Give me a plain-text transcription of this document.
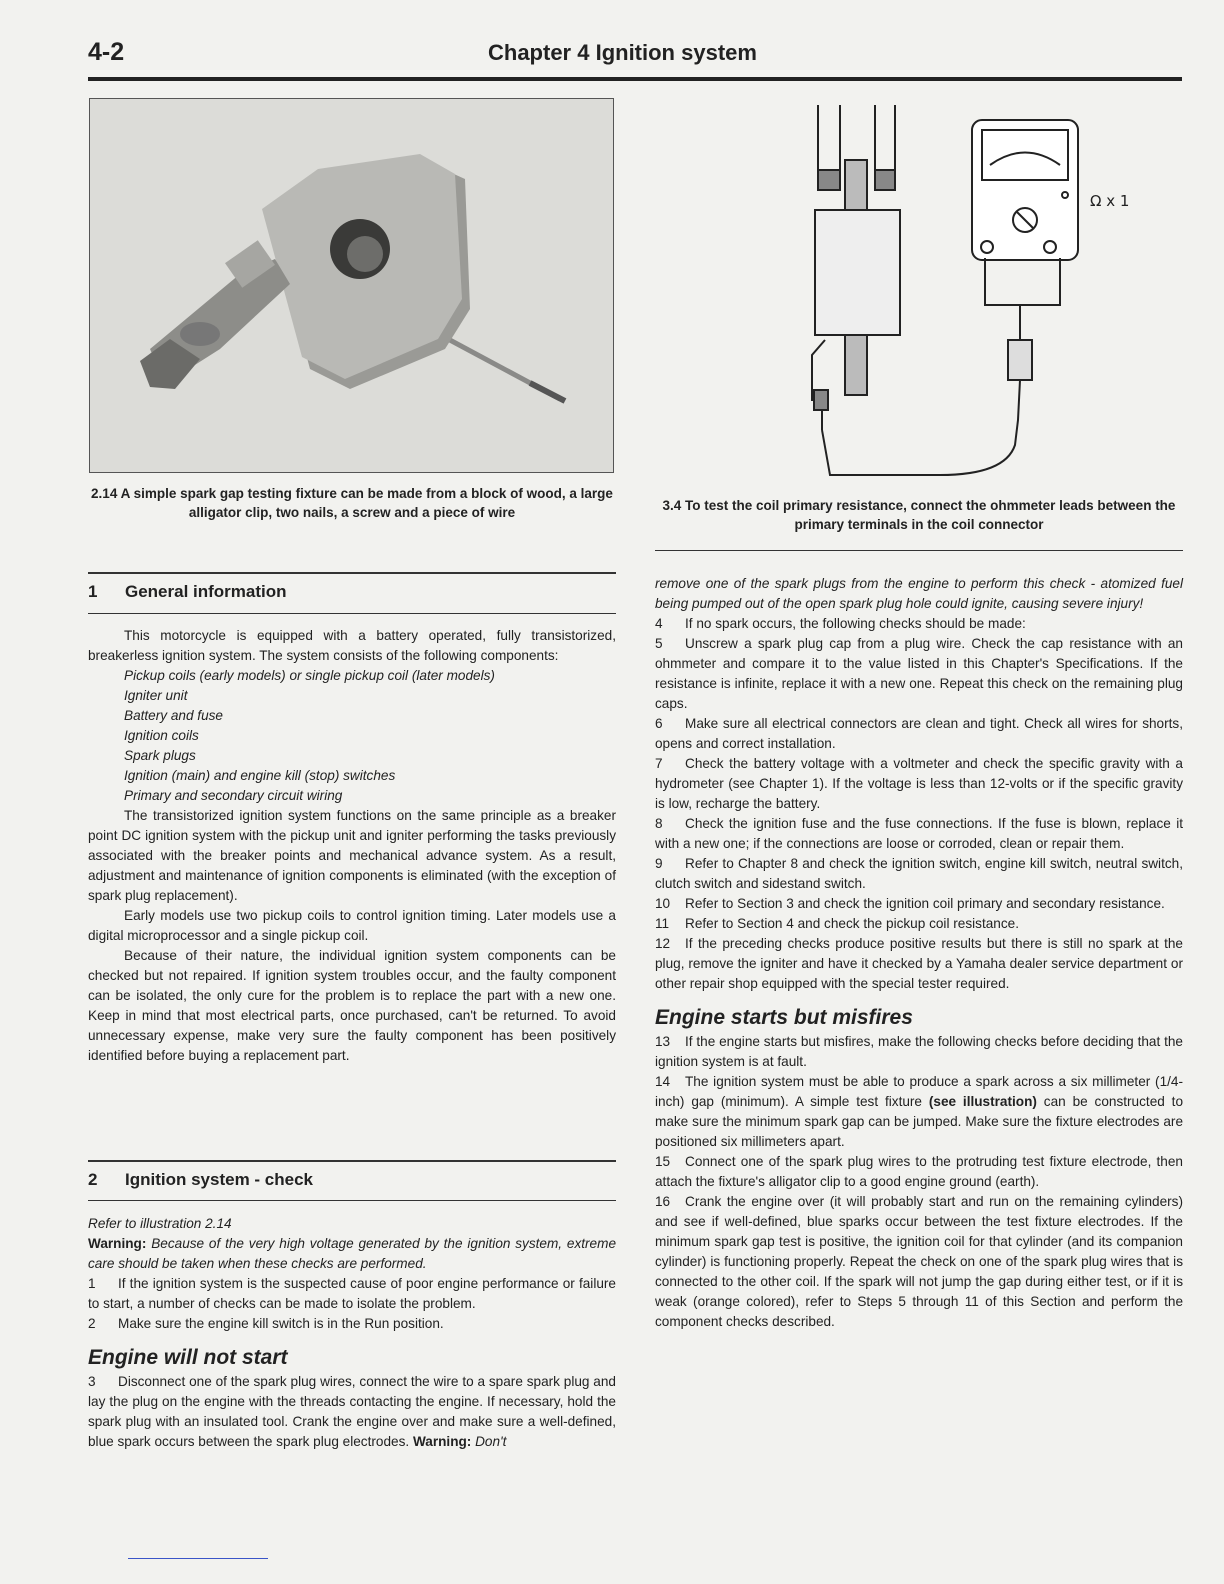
4-2	Chapter 4 Ignition system
2.14 A simple spark gap testing fixture can be made from a block of wood, a large alligator clip, two nails, a screw and a piece of wire
Ω x 1
3.4 To test the coil primary resistance, connect the ohmmeter leads between the primary terminals in the coil connector
1 General information

This motorcycle is equipped with a battery operated, fully transistorized, breakerless ignition system. The system consists of the following components:

Pickup coils (early models) or single pickup coil (later models)

Igniter unit

Battery and fuse

Ignition coils

Spark plugs

Ignition (main) and engine kill (stop) switches

Primary and secondary circuit wiring

The transistorized ignition system functions on the same principle as a breaker point DC ignition system with the pickup unit and igniter performing the tasks previously associated with the breaker points and mechanical advance system. As a result, adjustment and maintenance of ignition components is eliminated (with the exception of spark plug replacement).

Early models use two pickup coils to control ignition timing. Later models use a digital microprocessor and a single pickup coil.

Because of their nature, the individual ignition system components can be checked but not repaired. If ignition system troubles occur, and the faulty component can be isolated, the only cure for the problem is to replace the part with a new one. Keep in mind that most electrical parts, once purchased, can't be returned. To avoid unnecessary expense, make very sure the faulty component has been positively identified before buying a replacement part.

2 Ignition system - check

Refer to illustration 2.14

Warning: Because of the very high voltage generated by the ignition system, extreme care should be taken when these checks are performed.

1 If the ignition system is the suspected cause of poor engine performance or failure to start, a number of checks can be made to isolate the problem.

2 Make sure the engine kill switch is in the Run position.

Engine will not start

3 Disconnect one of the spark plug wires, connect the wire to a spare spark plug and lay the plug on the engine with the threads contacting the engine. If necessary, hold the spark plug with an insulated tool. Crank the engine over and make sure a well-defined, blue spark occurs between the spark plug electrodes. Warning: Don't

remove one of the spark plugs from the engine to perform this check - atomized fuel being pumped out of the open spark plug hole could ignite, causing severe injury!

4 If no spark occurs, the following checks should be made:

5 Unscrew a spark plug cap from a plug wire. Check the cap resistance with an ohmmeter and compare it to the value listed in this Chapter's Specifications. If the resistance is infinite, replace it with a new one. Repeat this check on the remaining plug caps.

6 Make sure all electrical connectors are clean and tight. Check all wires for shorts, opens and correct installation.

7 Check the battery voltage with a voltmeter and check the specific gravity with a hydrometer (see Chapter 1). If the voltage is less than 12-volts or if the specific gravity is low, recharge the battery.

8 Check the ignition fuse and the fuse connections. If the fuse is blown, replace it with a new one; if the connections are loose or corroded, clean or repair them.

9 Refer to Chapter 8 and check the ignition switch, engine kill switch, neutral switch, clutch switch and sidestand switch.

10 Refer to Section 3 and check the ignition coil primary and secondary resistance.

11 Refer to Section 4 and check the pickup coil resistance.

12 If the preceding checks produce positive results but there is still no spark at the plug, remove the igniter and have it checked by a Yamaha dealer service department or other repair shop equipped with the special tester required.

Engine starts but misfires

13 If the engine starts but misfires, make the following checks before deciding that the ignition system is at fault.

14 The ignition system must be able to produce a spark across a six millimeter (1/4-inch) gap (minimum). A simple test fixture (see illustration) can be constructed to make sure the minimum spark gap can be jumped. Make sure the fixture electrodes are positioned six millimeters apart.

15 Connect one of the spark plug wires to the protruding test fixture electrode, then attach the fixture's alligator clip to a good engine ground (earth).

16 Crank the engine over (it will probably start and run on the remaining cylinders) and see if well-defined, blue sparks occur between the test fixture electrodes. If the minimum spark gap test is positive, the ignition coil for that cylinder (and its companion cylinder) is functioning properly. Repeat the check on one of the spark plug wires that is connected to the other coil. If the spark will not jump the gap during either test, or if it is weak (orange colored), refer to Steps 5 through 11 of this Section and perform the component checks described.
